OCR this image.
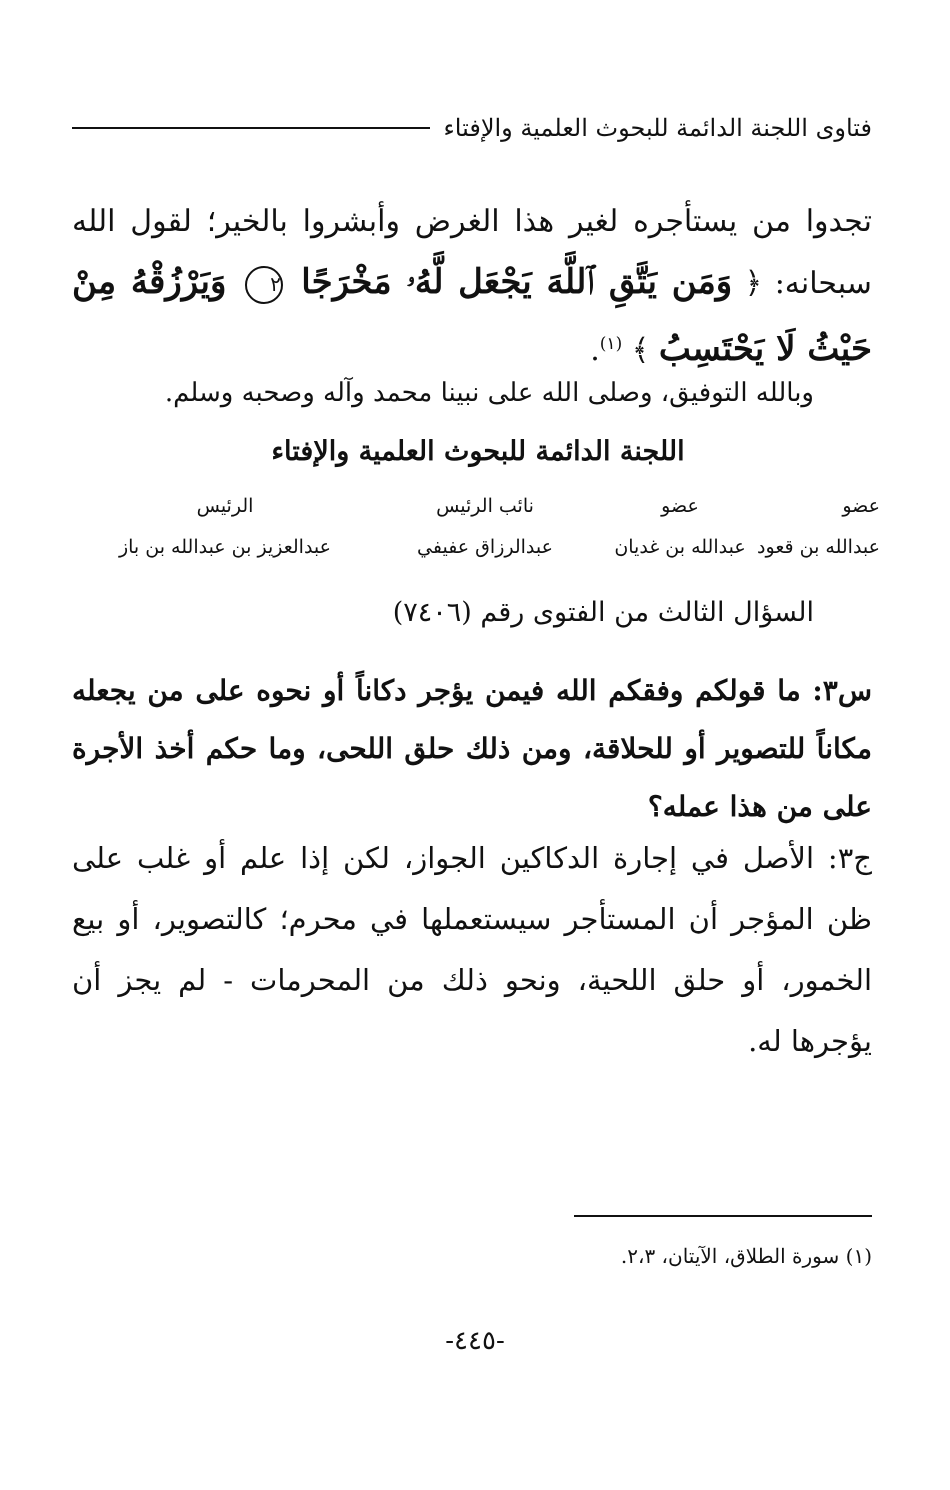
فتاوى اللجنة الدائمة للبحوث العلمية والإفتاء
تجدوا من يستأجره لغير هذا الغرض وأبشروا بالخير؛ لقول الله سبحانه: ﴿ وَمَن يَتَّقِ ٱللَّهَ يَجْعَل لَّهُۥ مَخْرَجًا ٢ وَيَرْزُقْهُ مِنْ حَيْثُ لَا يَحْتَسِبُ ﴾ $^{(١)}$.
وبالله التوفيق، وصلى الله على نبينا محمد وآله وصحبه وسلم.
اللجنة الدائمة للبحوث العلمية والإفتاء
عضو
عضو
نائب الرئيس
الرئيس
عبدالله بن قعود
عبدالله بن غديان
عبدالرزاق عفيفي
عبدالعزيز بن عبدالله بن باز
السؤال الثالث من الفتوى رقم (٧٤٠٦)
س٣: ما قولكم وفقكم الله فيمن يؤجر دكاناً أو نحوه على من يجعله مكاناً للتصوير أو للحلاقة، ومن ذلك حلق اللحى، وما حكم أخذ الأجرة على من هذا عمله؟
ج٣: الأصل في إجارة الدكاكين الجواز، لكن إذا علم أو غلب على ظن المؤجر أن المستأجر سيستعملها في محرم؛ كالتصوير، أو بيع الخمور، أو حلق اللحية، ونحو ذلك من المحرمات - لم يجز أن يؤجرها له.
(١) سورة الطلاق، الآيتان، ٢،٣.
-٤٤٥-
